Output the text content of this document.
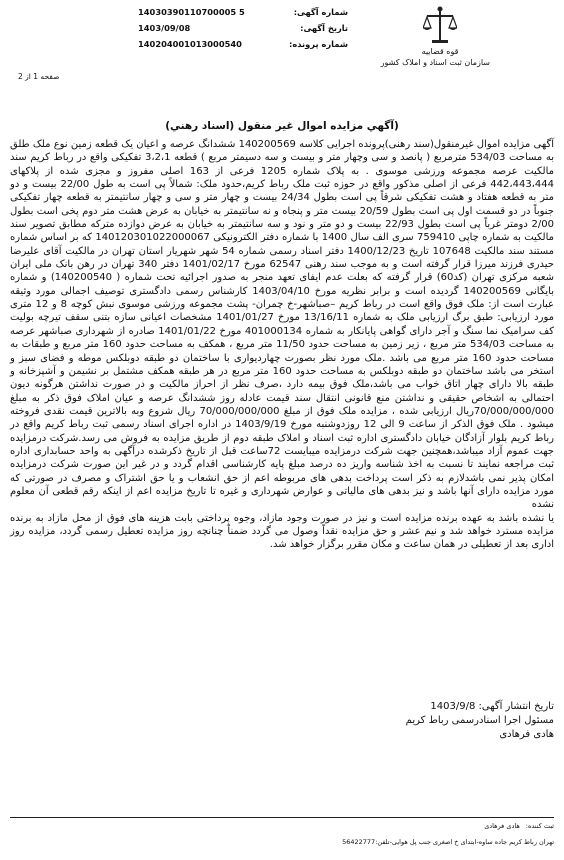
شماره آگهی:
14030390110700005 5
تاریخ آگهی:
1403/09/08
شماره پرونده:
140204001013000540
قوه قضاییه
سازمان ثبت اسناد و املاک کشور
صفحه 1 از 2
(آگهي مزايده اموال غير منقول (اسناد رهني)

آگهی مزایده اموال غیرمنقول(سند رهنی)پرونده اجرایی کلاسه 140200569 ششدانگ عرصه و اعیان یک قطعه زمین نوع ملک طلق به مساحت 534/03 مترمربع ( پانصد و سی وچهار متر و بیست و سه دسیمتر مربع ) قطعه 3،2،1 تفکیکی واقع در رباط کریم سند مالکیت عرصه مجموعه ورزشی موسوی . به پلاک شماره 1205 فرعی از 163 اصلی مفروز و مجزی شده از پلاکهای 442،443،444 فرعی از اصلی مذکور واقع در حوزه ثبت ملک رباط کریم،حدود ملک: شمالاً پی است به طول 22/00 بیست و دو متر به قطعه هفتاد و هشت تفکیکی شرقاً پی است بطول 24/34 بیست و چهار متر و سی و چهار سانتیمتر به قطعه چهار تفکیکی جنوباً در دو قسمت اول پی است بطول 20/59 بیست متر و پنجاه و نه سانتیمتر به خیابان به عرض هشت متر دوم پخی است بطول 2/00 دومتر غرباً پی است بطول 22/93 بیست و دو متر و نود و سه سانتیمتر به خیابان به عرض دوازده مترکه مطابق تصویر سند مالکیت به شماره چاپی 759410 سری الف سال 1400 با شماره دفتر الکترونیکی 140120301022000067 که بر اساس شماره مستند سند مالکیت 107648 تاریخ 1400/12/23 دفتر اسناد رسمی شماره 54 شهر شهریار استان تهران در مالکیت آقای علیرضا حیدری فرزند میرزا قرار گرفته است و به موجب سند رهنی 62547 مورخ 1401/02/17 دفتر 340 تهران در رهن بانک ملی ایران شعبه مرکزی تهران (کد60) قرار گرفته که بعلت عدم ایفای تعهد منجر به صدور اجرائیه تحت شماره ( 140200540) و شماره بایگانی 140200569 گردیده است و برابر نظریه مورخ 1403/04/10 کارشناس رسمی دادگستری توصیف اجمالی مورد وثیقه عبارت است از: ملک فوق واقع است در رباط کریم –صباشهر-خ چمران- پشت مجموعه ورزشی موسوی نبش کوچه 8 و 12 متری مورد ارزیابی: طبق برگ ارزیابی ملک به شماره 13/16/11 مورخ 1401/01/27 مشخصات اعیانی سازه بتنی سقف تیرچه بولیت کف سرامیک نما سنگ و آجر دارای گواهی پایانکار به شماره 401000134 مورخ 1401/01/22 صادره از شهرداری صباشهر عرصه به مساحت 534/03 متر مربع ، زیر زمین به مساحت حدود 11/50 متر مربع ، همکف به مساحت حدود 160 متر مربع و طبقات به مساحت حدود 160 متر مربع می باشد .ملک مورد نظر بصورت چهاردیواری با ساختمان دو طبقه دوبلکس موطه و فضای سبز و استخر می باشد ساختمان دو طبقه دوبلکس به مساحت حدود 160 متر مربع در هر طبقه همکف مشتمل بر نشیمن و آشپزخانه و طبقه بالا دارای چهار اتاق خواب می باشد،ملک فوق بیمه دارد ،صرف نظر از احراز مالکیت و در صورت نداشتن هرگونه دیون احتمالی به اشخاص حقیقی و نداشتن منع قانونی انتقال سند قیمت عادله روز ششدانگ عرصه و عیان املاک فوق ذکر به مبلغ 70/000/000/000ریال ارزیابی شده ، مزایده ملک فوق از مبلغ 70/000/000/000 ریال شروع وبه بالاترین قیمت نقدی فروخته میشود . ملک فوق الذکر از ساعت 9 الی 12 روزدوشنبه مورخ 1403/9/19 در اداره اجرای اسناد رسمی ثبت رباط کریم واقع در رباط کریم بلوار آزادگان خیابان دادگستری اداره ثبت اسناد و املاک طبقه دوم از طریق مزایده به فروش می رسد.شرکت درمزایده جهت عموم آزاد میباشد،همچنین جهت شرکت درمزایده میبایست 72ساعت قبل از تاریخ ذکرشده درآگهی به واحد حسابداری اداره ثبت مراجعه نمایند تا نسبت به اخذ شناسه واریز ده درصد مبلغ پایه کارشناسی اقدام گردد و در غیر این صورت شرکت درمزایده امکان پذیر نمی باشدلازم به ذکر است پرداخت بدهی های مربوطه اعم از حق انشعاب و یا حق اشتراک و مصرف در صورتی که مورد مزایده دارای آنها باشد و نیز بدهی های مالیاتی و عوارض شهرداری و غیره تا تاریخ مزایده اعم از اینکه رقم قطعی آن معلوم نشده

یا نشده باشد به عهده برنده مزایده است و نیز در صورت وجود مازاد، وجوه پرداختی بابت هزینه های فوق از محل مازاد به برنده مزایده مسترد خواهد شد و نیم عشر و حق مزایده نقداً وصول می گردد ضمناً چنانچه روز مزایده تعطیل رسمی گردد، مزایده روز اداری بعد از تعطیلی در همان ساعت و مکان مقرر برگزار خواهد شد.

تاریخ انتشار آگهی: 1403/9/8
مسئول اجرا اسنادرسمی رباط کریم
هادی فرهادی
ثبت کننده:
هادی فرهادی
تهران رباط کریم جاده ساوه-ابتدای خ اصغری جنب پل هوایی-تلفن:56422777
